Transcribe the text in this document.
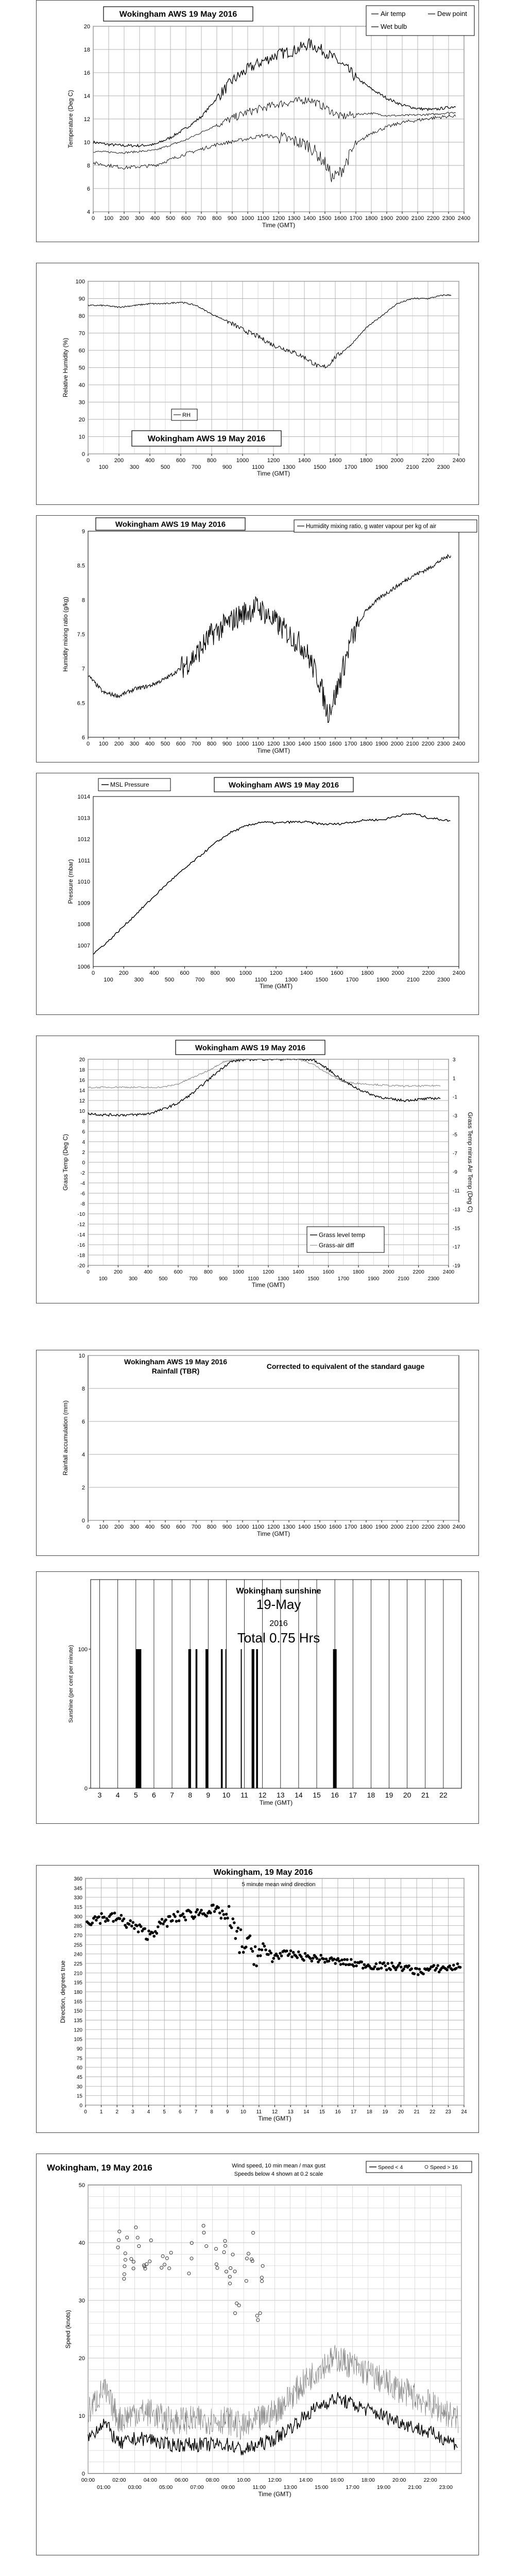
4
6
8
10
12
14
16
18
20
0 100 200 300 400 500 600 700 800 900 1000 1100 1200 1300 1400 1500 1600 1700 1800 1900 2000 2100 2200 2300 2400
Time (GMT)
Temperature (Deg C)
Wokingham AWS 19 May 2016	Air temp	Dew point
Wet bulb
0
10
20
30
40
50
60
70
80
90
100
0	200	400	600	800	1000	1200	1400	1600	1800	2000	2200	2400
100	300	500	700	900	1100	1300	1500	1700	1900	2100	2300
Time (GMT)
Relative Humidity (%)
RH
Wokingham AWS 19 May 2016
6
6.5
7
7.5
8
8.5
9
0 100 200 300 400 500 600 700 800 900 1000 1100 1200 1300 1400 1500 1600 1700 1800 1900 2000 2100 2200 2300 2400
Time (GMT)
Humidity mixing ratio (g/kg)
Wokingham AWS 19 May 2016	Humidity mixing ratio, g water vapour per kg of air
1006
1007
1008
1009
1010
1011
1012
1013
1014
0	200	400	600	800	1000	1200	1400	1600	1800	2000	2200	2400
100	300	500	700	900	1100	1300	1500	1700	1900	2100	2300
Time (GMT)
Pressure (mbar)
MSL Pressure	Wokingham AWS 19 May 2016
-20
-18
-16
-14
-12
-10
-8
-6
-4
-2
0
2
4
6
8
10
12
14
16
18
20
0	200	400	600	800	1000	1200	1400	1600	1800	2000	2200	2400
100	300	500	700	900	1100	1300	1500	1700	1900	2100	2300
Time (GMT)
Grass Temp (Deg C)
-19
-17
-15
-13
-11
-9
-7
-5
-3
-1
1
3
Grass Temp minus Air Temp (Deg C)
Wokingham AWS 19 May 2016
Grass level temp
Grass-air diff
0
2
4
6
8
10
0 100 200 300 400 500 600 700 800 900 1000 1100 1200 1300 1400 1500 1600 1700 1800 1900 2000 2100 2200 2300 2400
Time (GMT)
Rainfall accumulation (mm)
Wokingham AWS 19 May 2016
Rainfall (TBR)
Corrected to equivalent of the standard gauge
3 4 5 6 7 8 9 10 11 12 13 14 15 16 17 18 19 20 21 22
0
100
Time (GMT)
Sunshine (per cent per minute)
Wokingham sunshine
19-May
2016
Total 0.75 Hrs
0
15
30
45
60
75
90
105
120
135
150
165
180
195
210
225
240
255
270
285
300
315
330
345
360
0	1	2	3	4	5	6	7	8	9 10 11 12 13 14 15 16 17 18 19 20 21 22 23 24
Time (GMT)
Direction, degrees true
Wokingham, 19 May 2016
5 minute mean wind direction
0
10
20
30
40
50
00:00	02:00	04:00	06:00	08:00	10:00	12:00	14:00	16:00	18:00	20:00	22:00
01:00	03:00	05:00	07:00	09:00	11:00	13:00	15:00	17:00	19:00	21:00	23:00
Time (GMT)
Speed (knots)
Wokingham, 19 May 2016	Wind speed, 10 min mean / max gust
Speeds below 4 shown at 0.2 scale
Speed < 4	Speed > 16
